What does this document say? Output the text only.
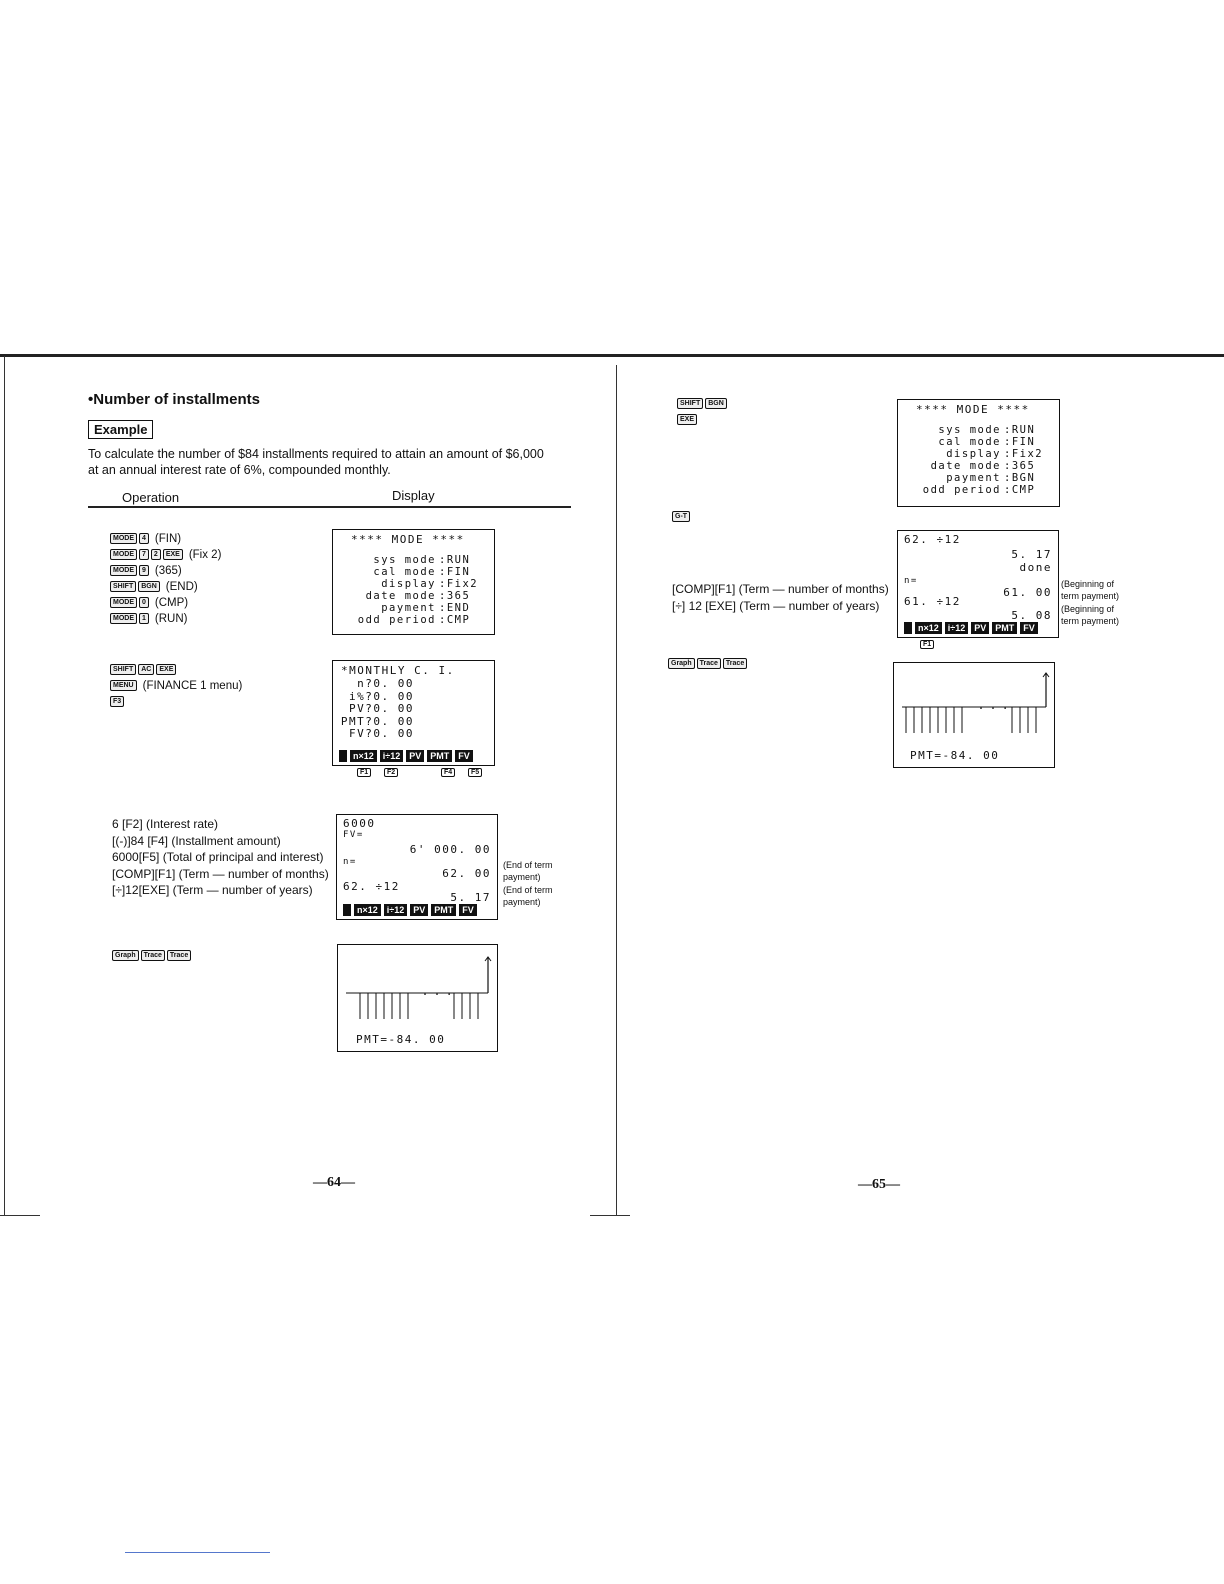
•Number of installments
Example
To calculate the number of $84 installments required to attain an amount of $6,000
at an annual interest rate of 6%, compounded monthly.
Operation	Display
MODE 4 (FIN)
MODE 7 2 EXE (Fix 2)
MODE 9 (365)
SHIFT BGN (END)
MODE 0 (CMP)
MODE 1 (RUN)
**** MODE ****
sys mode :RUN
cal mode :FIN
display :Fix2
date mode :365
payment :END
odd period :CMP
SHIFT AC EXE
MENU (FINANCE 1 menu)
F3
*MONTHLY C. I.
n?0. 00
i%?0. 00
PV?0. 00
PMT?0. 00
FV?0. 00
n×12	i÷12	PV	PMT	FV
F1	F2	F4	F5
6 [F2] (Interest rate)
[(-)]84 [F4] (Installment amount)
6000[F5] (Total of principal and interest)
[COMP][F1] (Term — number of months)
[÷]12[EXE] (Term — number of years)
6000
FV=
6' 000. 00
n=
62. 00
62. ÷12
5. 17
n×12	i÷12	PV	PMT	FV
(End of term
payment)
(End of term
payment)
Graph Trace Trace
. . .
PMT=-84. 00
—64—
SHIFT BGN
EXE
**** MODE ****
sys mode :RUN
cal mode :FIN
display :Fix2
date mode :365
payment :BGN
odd period :CMP
G-T
62. ÷12
5. 17
done
n=
61. 00
61. ÷12
5. 08
n×12	i÷12	PV	PMT	FV
F1
[COMP][F1] (Term — number of months)
[÷] 12 [EXE] (Term — number of years)
(Beginning of
term payment)
(Beginning of
term payment)
Graph Trace Trace
. . .
PMT=-84. 00
—65—
